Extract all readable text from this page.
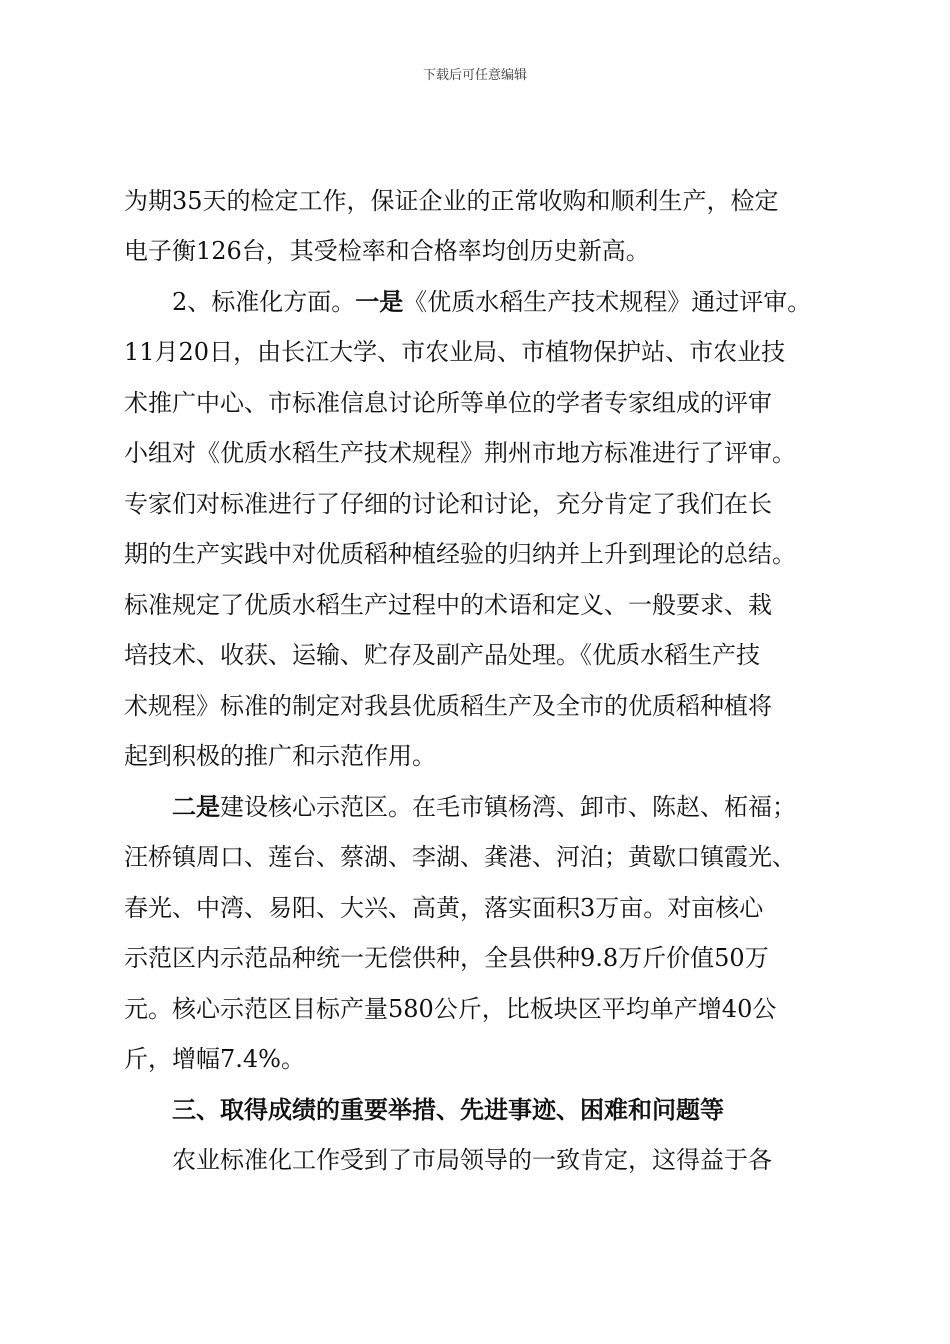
下载后可任意编辑
为期35天的检定工作，保证企业的正常收购和顺利生产，检定
电子衡126台，其受检率和合格率均创历史新高。
2、标准化方面。一是《优质水稻生产技术规程》通过评审。
11月20日，由长江大学、市农业局、市植物保护站、市农业技
术推广中心、市标准信息讨论所等单位的学者专家组成的评审
小组对《优质水稻生产技术规程》荆州市地方标准进行了评审。
专家们对标准进行了仔细的讨论和讨论，充分肯定了我们在长
期的生产实践中对优质稻种植经验的归纳并上升到理论的总结。
标准规定了优质水稻生产过程中的术语和定义、一般要求、栽
培技术、收获、运输、贮存及副产品处理。《优质水稻生产技
术规程》标准的制定对我县优质稻生产及全市的优质稻种植将
起到积极的推广和示范作用。
二是建设核心示范区。在毛市镇杨湾、卸市、陈赵、柘福；
汪桥镇周口、莲台、蔡湖、李湖、龚港、河泊；黄歇口镇霞光、
春光、中湾、易阳、大兴、高黄，落实面积3万亩。对亩核心
示范区内示范品种统一无偿供种，全县供种9.8万斤价值50万
元。核心示范区目标产量580公斤，比板块区平均单产增40公
斤，增幅7.4%。
三、取得成绩的重要举措、先进事迹、困难和问题等
农业标准化工作受到了市局领导的一致肯定，这得益于各
